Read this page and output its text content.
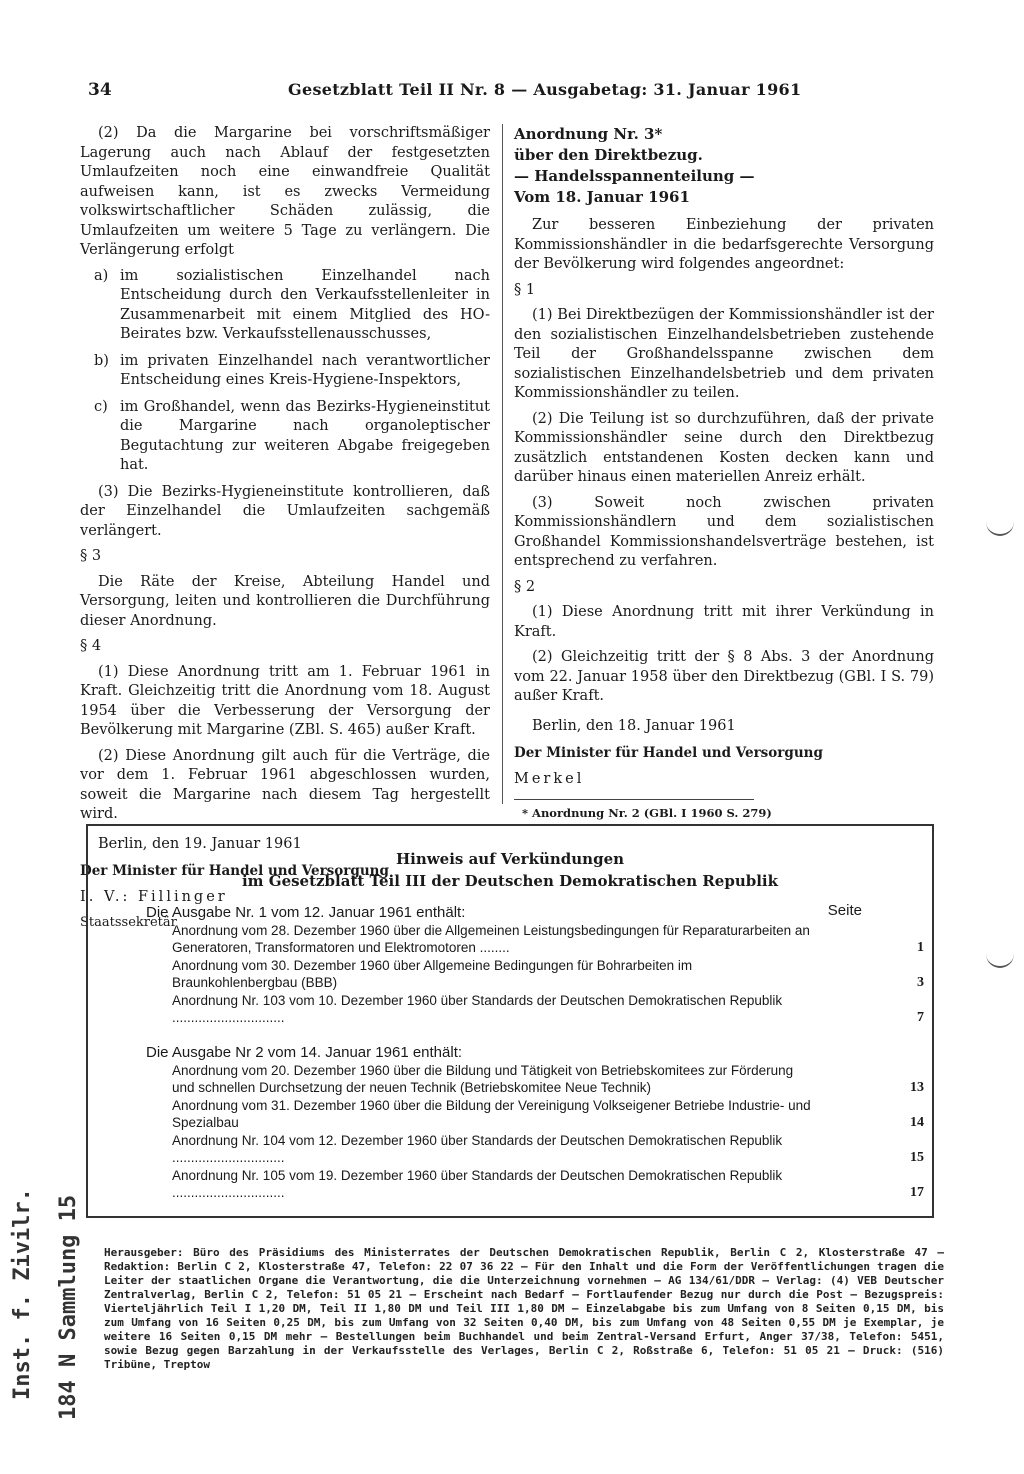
34	Gesetzblatt Teil II Nr. 8 — Ausgabetag: 31. Januar 1961

(2) Da die Margarine bei vorschriftsmäßiger Lagerung auch nach Ablauf der festgesetzten Umlaufzeiten noch eine einwandfreie Qualität aufweisen kann, ist es zwecks Vermeidung volkswirtschaftlicher Schäden zulässig, die Umlaufzeiten um weitere 5 Tage zu verlängern. Die Verlängerung erfolgt

a) im sozialistischen Einzelhandel nach Entscheidung durch den Verkaufsstellenleiter in Zusammenarbeit mit einem Mitglied des HO-Beirates bzw. Verkaufsstellenausschusses,
b) im privaten Einzelhandel nach verantwortlicher Entscheidung eines Kreis-Hygiene-Inspektors,
c) im Großhandel, wenn das Bezirks-Hygieneinstitut die Margarine nach organoleptischer Begutachtung zur weiteren Abgabe freigegeben hat.

(3) Die Bezirks-Hygieneinstitute kontrollieren, daß der Einzelhandel die Umlaufzeiten sachgemäß verlängert.

§ 3

Die Räte der Kreise, Abteilung Handel und Versorgung, leiten und kontrollieren die Durchführung dieser Anordnung.

§ 4

(1) Diese Anordnung tritt am 1. Februar 1961 in Kraft. Gleichzeitig tritt die Anordnung vom 18. August 1954 über die Verbesserung der Versorgung der Bevölkerung mit Margarine (ZBl. S. 465) außer Kraft.

(2) Diese Anordnung gilt auch für die Verträge, die vor dem 1. Februar 1961 abgeschlossen wurden, soweit die Margarine nach diesem Tag hergestellt wird.

Berlin, den 19. Januar 1961

Der Minister für Handel und Versorgung

I. V.: Fillinger

Staatssekretär

Anordnung Nr. 3*

über den Direktbezug.

— Handelsspannenteilung —

Vom 18. Januar 1961

Zur besseren Einbeziehung der privaten Kommissionshändler in die bedarfsgerechte Versorgung der Bevölkerung wird folgendes angeordnet:

§ 1

(1) Bei Direktbezügen der Kommissionshändler ist der den sozialistischen Einzelhandelsbetrieben zustehende Teil der Großhandelsspanne zwischen dem sozialistischen Einzelhandelsbetrieb und dem privaten Kommissionshändler zu teilen.

(2) Die Teilung ist so durchzuführen, daß der private Kommissionshändler seine durch den Direktbezug zusätzlich entstandenen Kosten decken kann und darüber hinaus einen materiellen Anreiz erhält.

(3) Soweit noch zwischen privaten Kommissionshändlern und dem sozialistischen Großhandel Kommissionshandelsverträge bestehen, ist entsprechend zu verfahren.

§ 2

(1) Diese Anordnung tritt mit ihrer Verkündung in Kraft.

(2) Gleichzeitig tritt der § 8 Abs. 3 der Anordnung vom 22. Januar 1958 über den Direktbezug (GBl. I S. 79) außer Kraft.

Berlin, den 18. Januar 1961

Der Minister für Handel und Versorgung

Merkel

* Anordnung Nr. 2 (GBl. I 1960 S. 279)

Hinweis auf Verkündungen
im Gesetzblatt Teil III der Deutschen Demokratischen Republik
Seite

Die Ausgabe Nr. 1 vom 12. Januar 1961 enthält:

Anordnung vom 28. Dezember 1960 über die Allgemeinen Leistungsbedingungen für Reparaturarbeiten an Generatoren, Transformatoren und Elektromotoren ........	1
Anordnung vom 30. Dezember 1960 über Allgemeine Bedingungen für Bohrarbeiten im Braunkohlenbergbau (BBB)	3
Anordnung Nr. 103 vom 10. Dezember 1960 über Standards der Deutschen Demokratischen Republik ..............................	7

Die Ausgabe Nr 2 vom 14. Januar 1961 enthält:

Anordnung vom 20. Dezember 1960 über die Bildung und Tätigkeit von Betriebskomitees zur Förderung und schnellen Durchsetzung der neuen Technik (Betriebskomitee Neue Technik)	13
Anordnung vom 31. Dezember 1960 über die Bildung der Vereinigung Volkseigener Betriebe Industrie- und Spezialbau	14
Anordnung Nr. 104 vom 12. Dezember 1960 über Standards der Deutschen Demokratischen Republik ..............................	15
Anordnung Nr. 105 vom 19. Dezember 1960 über Standards der Deutschen Demokratischen Republik ..............................	17
Herausgeber: Büro des Präsidiums des Ministerrates der Deutschen Demokratischen Republik, Berlin C 2, Klosterstraße 47 — Redaktion: Berlin C 2, Klosterstraße 47, Telefon: 22 07 36 22 — Für den Inhalt und die Form der Veröffentlichungen tragen die Leiter der staatlichen Organe die Verantwortung, die die Unterzeichnung vornehmen — AG 134/61/DDR — Verlag: (4) VEB Deutscher Zentralverlag, Berlin C 2, Telefon: 51 05 21 — Erscheint nach Bedarf — Fortlaufender Bezug nur durch die Post — Bezugspreis: Vierteljährlich Teil I 1,20 DM, Teil II 1,80 DM und Teil III 1,80 DM — Einzelabgabe bis zum Umfang von 8 Seiten 0,15 DM, bis zum Umfang von 16 Seiten 0,25 DM, bis zum Umfang von 32 Seiten 0,40 DM, bis zum Umfang von 48 Seiten 0,55 DM je Exemplar, je weitere 16 Seiten 0,15 DM mehr — Bestellungen beim Buchhandel und beim Zentral-Versand Erfurt, Anger 37/38, Telefon: 5451, sowie Bezug gegen Barzahlung in der Verkaufsstelle des Verlages, Berlin C 2, Roßstraße 6, Telefon: 51 05 21 — Druck: (516) Tribüne, Treptow
Inst. f. Zivilr. 184 N Sammlung 15
